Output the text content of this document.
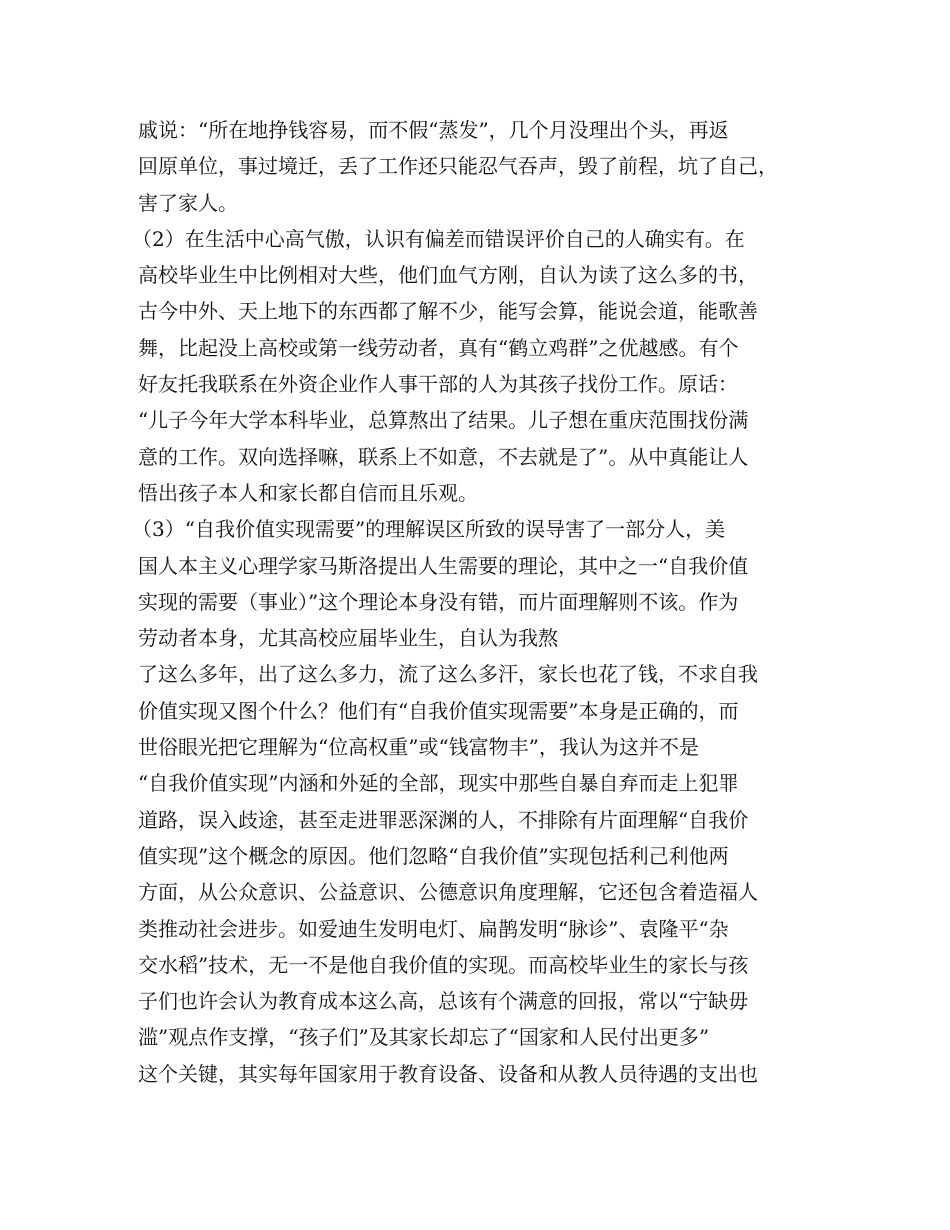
戚说：“所在地挣钱容易，而不假“蒸发”，几个月没理出个头，再返
回原单位，事过境迁，丢了工作还只能忍气吞声，毁了前程，坑了自己，
害了家人。
（2）在生活中心高气傲，认识有偏差而错误评价自己的人确实有。在
高校毕业生中比例相对大些，他们血气方刚，自认为读了这么多的书，
古今中外、天上地下的东西都了解不少，能写会算，能说会道，能歌善
舞，比起没上高校或第一线劳动者，真有“鹤立鸡群”之优越感。有个
好友托我联系在外资企业作人事干部的人为其孩子找份工作。原话：
“儿子今年大学本科毕业，总算熬出了结果。儿子想在重庆范围找份满
意的工作。双向选择嘛，联系上不如意，不去就是了”。从中真能让人
悟出孩子本人和家长都自信而且乐观。
（3）“自我价值实现需要”的理解误区所致的误导害了一部分人，美
国人本主义心理学家马斯洛提出人生需要的理论，其中之一“自我价值
实现的需要（事业）”这个理论本身没有错，而片面理解则不该。作为
劳动者本身，尤其高校应届毕业生，自认为我熬
了这么多年，出了这么多力，流了这么多汗，家长也花了钱，不求自我
价值实现又图个什么？他们有“自我价值实现需要”本身是正确的，而
世俗眼光把它理解为“位高权重”或“钱富物丰”，我认为这并不是
“自我价值实现”内涵和外延的全部，现实中那些自暴自弃而走上犯罪
道路，误入歧途，甚至走进罪恶深渊的人，不排除有片面理解“自我价
值实现”这个概念的原因。他们忽略“自我价值”实现包括利己利他两
方面，从公众意识、公益意识、公德意识角度理解，它还包含着造福人
类推动社会进步。如爱迪生发明电灯、扁鹊发明“脉诊”、袁隆平“杂
交水稻”技术，无一不是他自我价值的实现。而高校毕业生的家长与孩
子们也许会认为教育成本这么高，总该有个满意的回报，常以“宁缺毋
滥”观点作支撑，“孩子们”及其家长却忘了“国家和人民付出更多”
这个关键，其实每年国家用于教育设备、设备和从教人员待遇的支出也
